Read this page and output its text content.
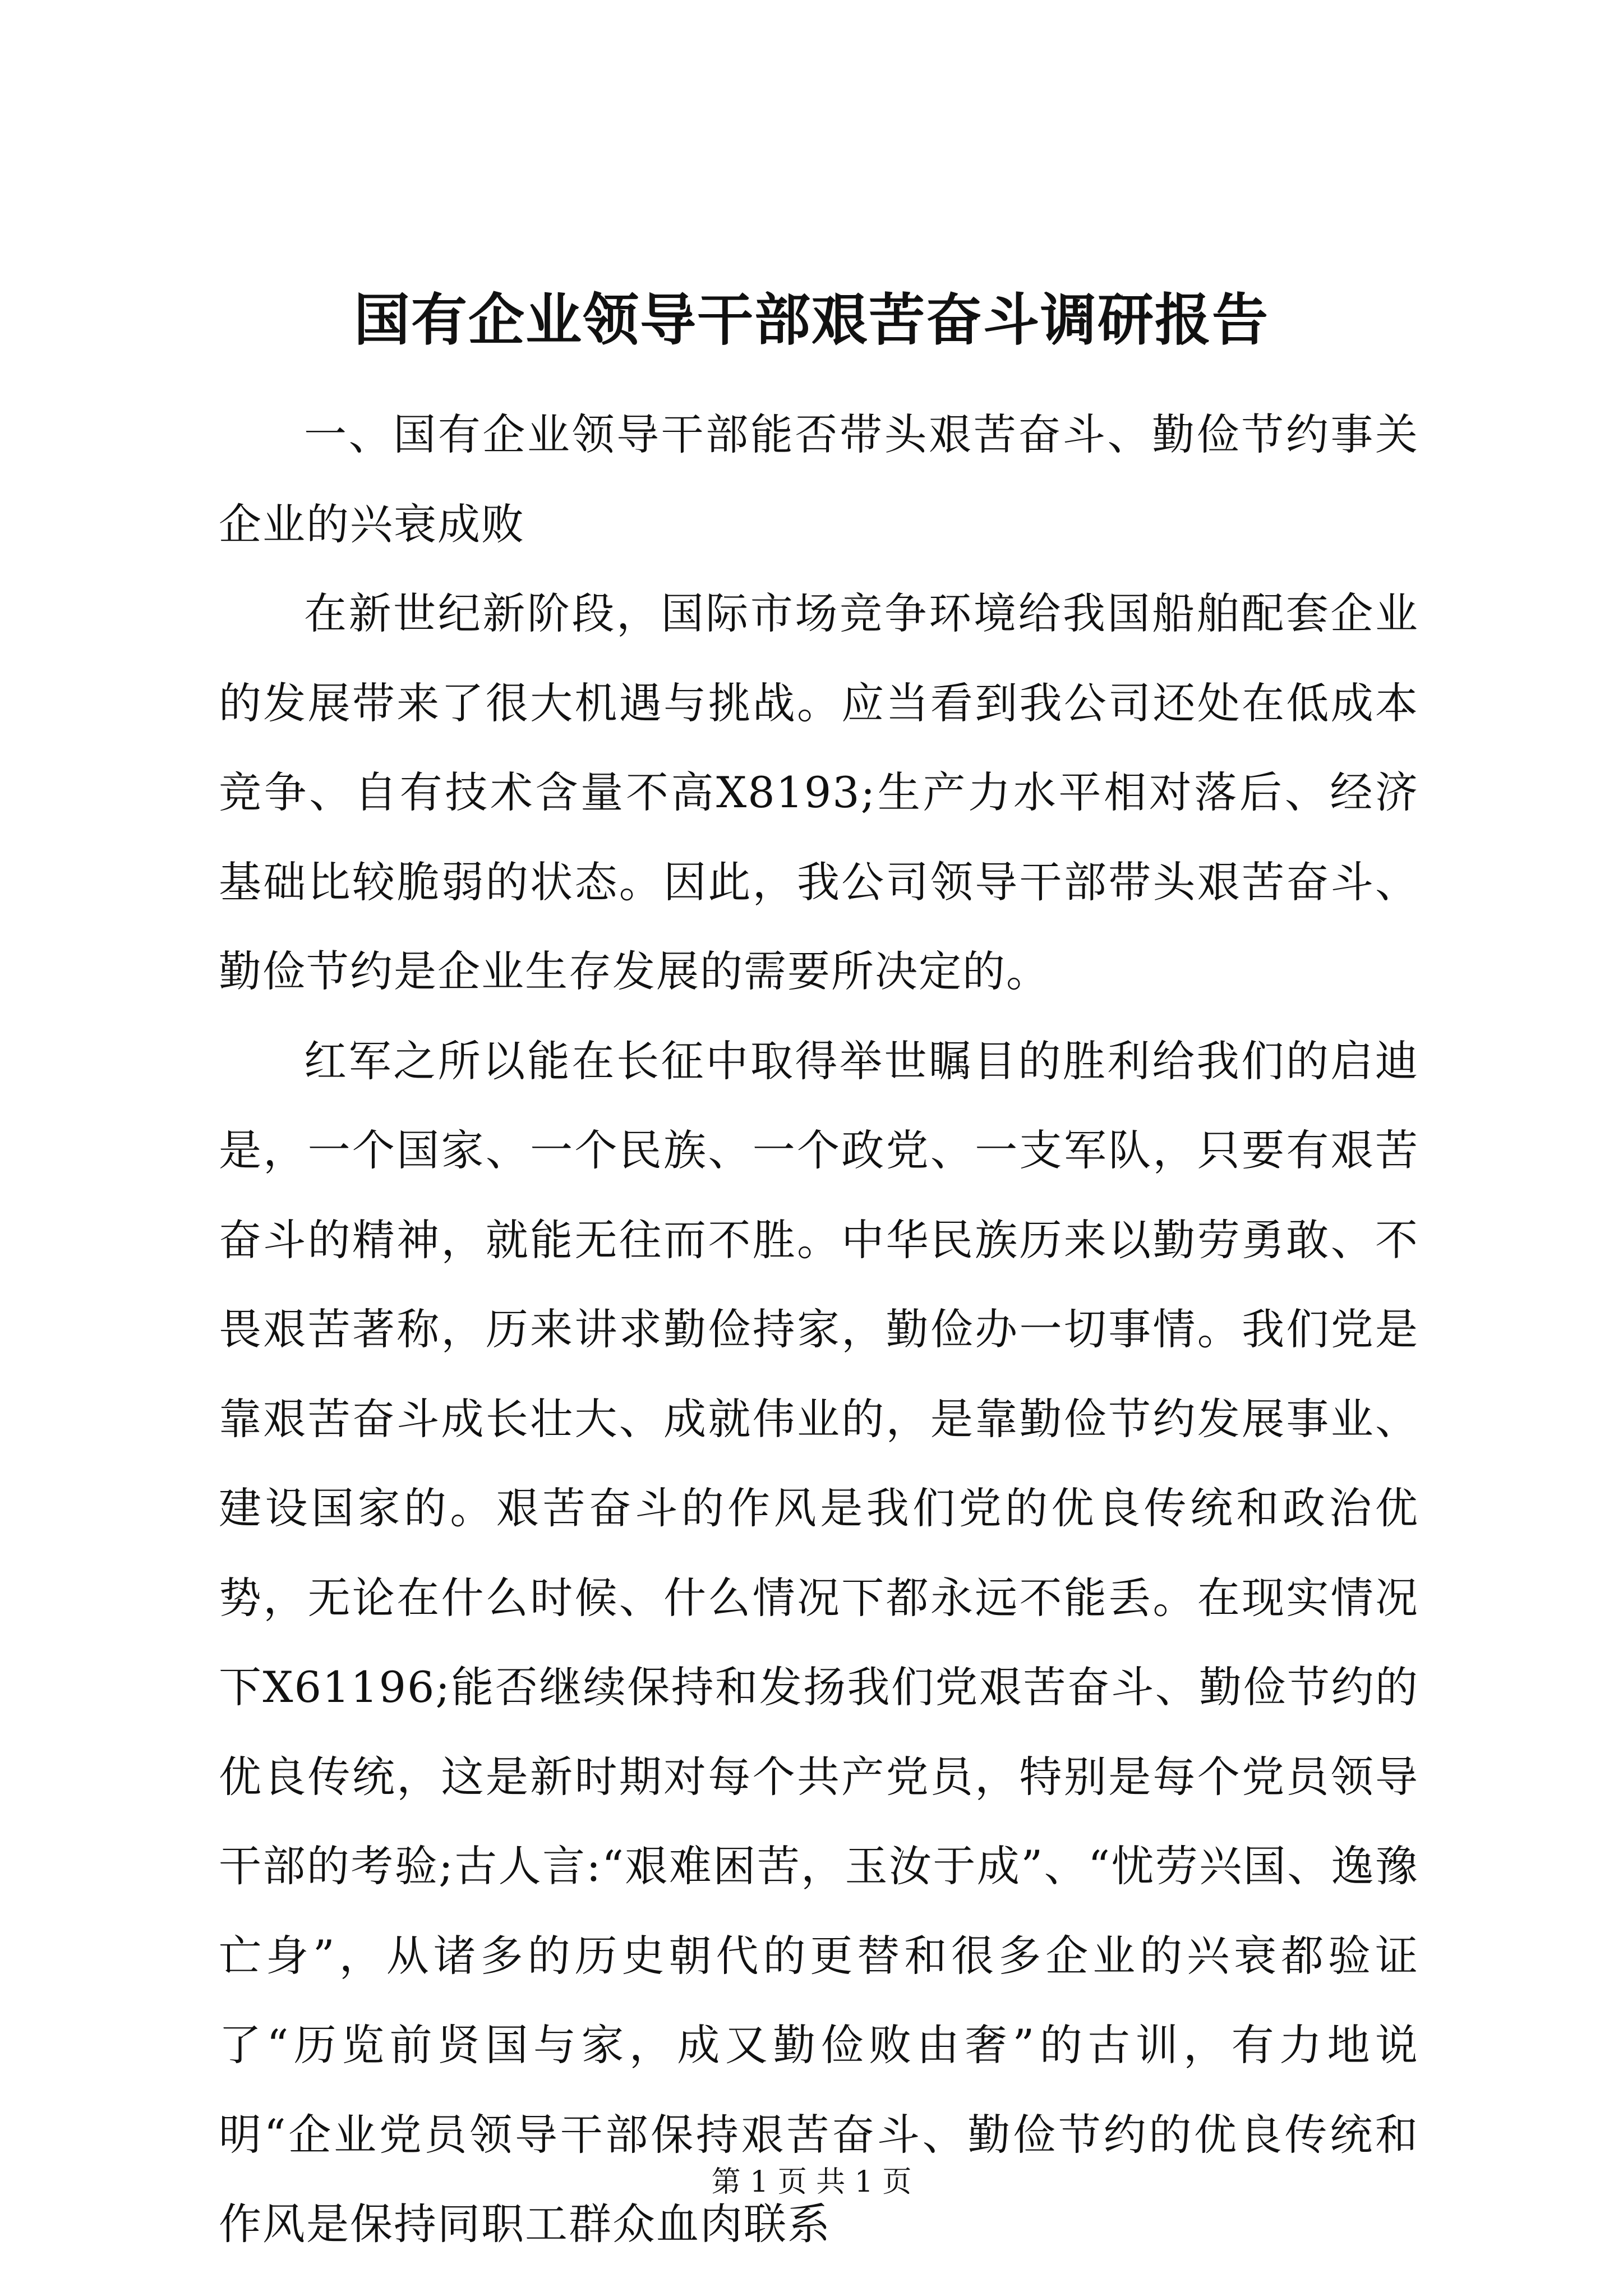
国有企业领导干部艰苦奋斗调研报告

一、国有企业领导干部能否带头艰苦奋斗、勤俭节约事关企业的兴衰成败

在新世纪新阶段，国际市场竞争环境给我国船舶配套企业的发展带来了很大机遇与挑战。应当看到我公司还处在低成本竞争、自有技术含量不高X8193;生产力水平相对落后、经济基础比较脆弱的状态。因此，我公司领导干部带头艰苦奋斗、勤俭节约是企业生存发展的需要所决定的。

红军之所以能在长征中取得举世瞩目的胜利给我们的启迪是，一个国家、一个民族、一个政党、一支军队，只要有艰苦奋斗的精神，就能无往而不胜。中华民族历来以勤劳勇敢、不畏艰苦著称，历来讲求勤俭持家，勤俭办一切事情。我们党是靠艰苦奋斗成长壮大、成就伟业的，是靠勤俭节约发展事业、建设国家的。艰苦奋斗的作风是我们党的优良传统和政治优势，无论在什么时候、什么情况下都永远不能丢。在现实情况下X61196;能否继续保持和发扬我们党艰苦奋斗、勤俭节约的优良传统，这是新时期对每个共产党员，特别是每个党员领导干部的考验;古人言:“艰难困苦，玉汝于成”、“忧劳兴国、逸豫亡身”，从诸多的历史朝代的更替和很多企业的兴衰都验证了“历览前贤国与家，成又勤俭败由奢”的古训，有力地说明“企业党员领导干部保持艰苦奋斗、勤俭节约的优良传统和作风是保持同职工群众血肉联系

第 1 页 共 1 页
